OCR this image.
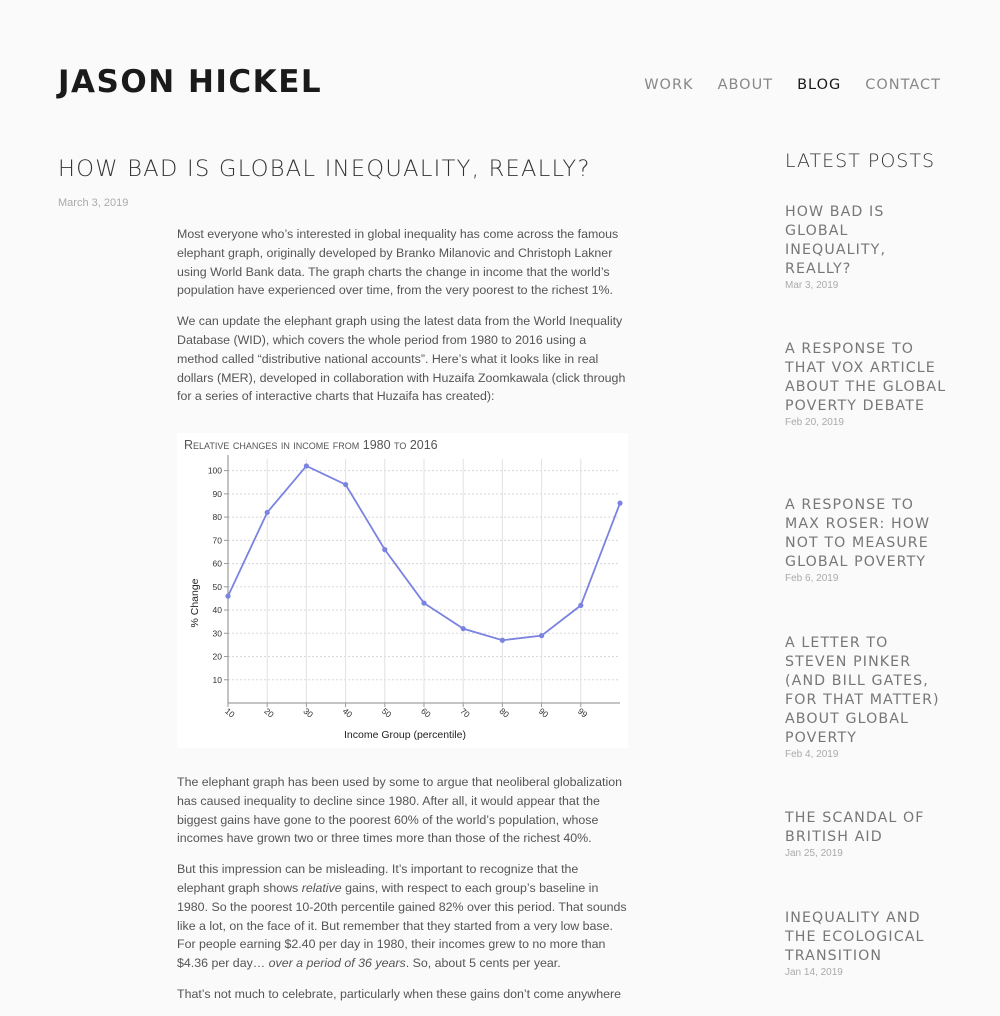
JASON HICKEL	WORK ABOUT BLOG CONTACT
HOW BAD IS GLOBAL INEQUALITY, REALLY?
March 3, 2019

Most everyone who’s interested in global inequality has come across the famous elephant graph, originally developed by Branko Milanovic and Christoph Lakner using World Bank data. The graph charts the change in income that the world’s population have experienced over time, from the very poorest to the richest 1%.

We can update the elephant graph using the latest data from the World Inequality Database (WID), which covers the whole period from 1980 to 2016 using a method called “distributive national accounts”. Here’s what it looks like in real dollars (MER), developed in collaboration with Huzaifa Zoomkawala (click through for a series of interactive charts that Huzaifa has created):

Relative changes in income from 1980 to 2016
10
20
30
40
50
60
70
80
90
100
10	20	30	40	50	60	70	80	90	99
Income Group (percentile)
% Change

The elephant graph has been used by some to argue that neoliberal globalization has caused inequality to decline since 1980. After all, it would appear that the biggest gains have gone to the poorest 60% of the world’s population, whose incomes have grown two or three times more than those of the richest 40%.

But this impression can be misleading. It’s important to recognize that the elephant graph shows relative gains, with respect to each group’s baseline in 1980. So the poorest 10-20th percentile gained 82% over this period. That sounds like a lot, on the face of it. But remember that they started from a very low base. For people earning $2.40 per day in 1980, their incomes grew to no more than $4.36 per day… over a period of 36 years. So, about 5 cents per year.

That’s not much to celebrate, particularly when these gains don’t come anywhere

LATEST POSTS
HOW BAD IS GLOBAL INEQUALITY, REALLY?
Mar 3, 2019
A RESPONSE TO THAT VOX ARTICLE ABOUT THE GLOBAL POVERTY DEBATE
Feb 20, 2019
A RESPONSE TO MAX ROSER: HOW NOT TO MEASURE GLOBAL POVERTY
Feb 6, 2019
A LETTER TO STEVEN PINKER (AND BILL GATES, FOR THAT MATTER) ABOUT GLOBAL POVERTY
Feb 4, 2019
THE SCANDAL OF BRITISH AID
Jan 25, 2019
INEQUALITY AND THE ECOLOGICAL TRANSITION
Jan 14, 2019
